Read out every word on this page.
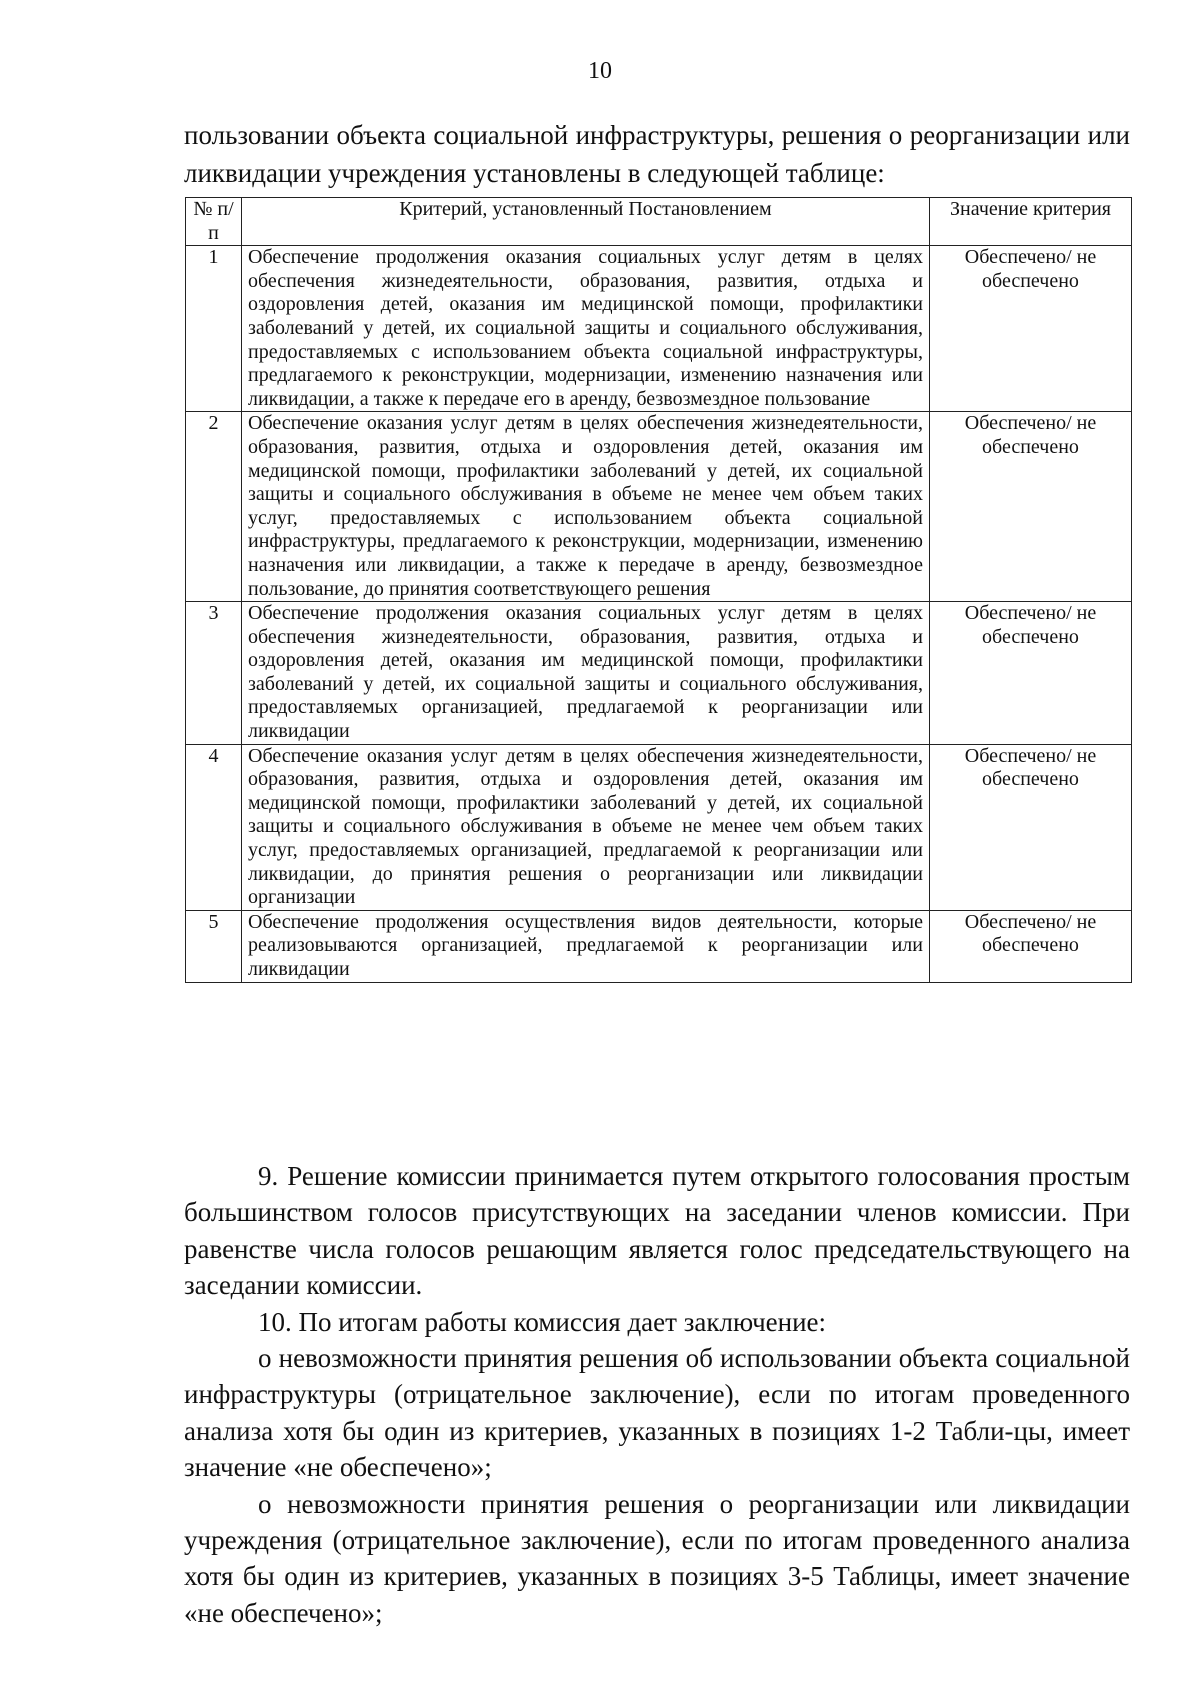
10

пользовании объекта социальной инфраструктуры, решения о реорганизации или ликвидации учреждения установлены в следующей таблице:

№ п/п	Критерий, установленный Постановлением	Значение критерия
1	Обеспечение продолжения оказания социальных услуг детям в целях обеспечения жизнедеятельности, образования, развития, отдыха и оздоровления детей, оказания им медицинской помощи, профилактики заболеваний у детей, их социальной защиты и социального обслуживания, предоставляемых с использованием объекта социальной инфраструктуры, предлагаемого к реконструкции, модернизации, изменению назначения или ликвидации, а также к передаче его в аренду, безвозмездное пользование	Обеспечено/ не обеспечено
2	Обеспечение оказания услуг детям в целях обеспечения жизнедеятельности, образования, развития, отдыха и оздоровления детей, оказания им медицинской помощи, профилактики заболеваний у детей, их социальной защиты и социального обслуживания в объеме не менее чем объем таких услуг, предоставляемых с использованием объекта социальной инфраструктуры, предлагаемого к реконструкции, модернизации, изменению назначения или ликвидации, а также к передаче в аренду, безвозмездное пользование, до принятия соответствующего решения	Обеспечено/ не обеспечено
3	Обеспечение продолжения оказания социальных услуг детям в целях обеспечения жизнедеятельности, образования, развития, отдыха и оздоровления детей, оказания им медицинской помощи, профилактики заболеваний у детей, их социальной защиты и социального обслуживания, предоставляемых организацией, предлагаемой к реорганизации или ликвидации	Обеспечено/ не обеспечено
4	Обеспечение оказания услуг детям в целях обеспечения жизнедеятельности, образования, развития, отдыха и оздоровления детей, оказания им медицинской помощи, профилактики заболеваний у детей, их социальной защиты и социального обслуживания в объеме не менее чем объем таких услуг, предоставляемых организацией, предлагаемой к реорганизации или ликвидации, до принятия решения о реорганизации или ликвидации организации	Обеспечено/ не обеспечено
5	Обеспечение продолжения осуществления видов деятельности, которые реализовываются организацией, предлагаемой к реорганизации или ликвидации	Обеспечено/ не обеспечено

9. Решение комиссии принимается путем открытого голосования простым большинством голосов присутствующих на заседании членов комиссии. При равенстве числа голосов решающим является голос председательствующего на заседании комиссии.

10. По итогам работы комиссия дает заключение:

о невозможности принятия решения об использовании объекта социальной инфраструктуры (отрицательное заключение), если по итогам проведенного анализа хотя бы один из критериев, указанных в позициях 1-2 Табли-цы, имеет значение «не обеспечено»;

о невозможности принятия решения о реорганизации или ликвидации учреждения (отрицательное заключение), если по итогам проведенного анализа хотя бы один из критериев, указанных в позициях 3-5 Таблицы, имеет значение «не обеспечено»;
